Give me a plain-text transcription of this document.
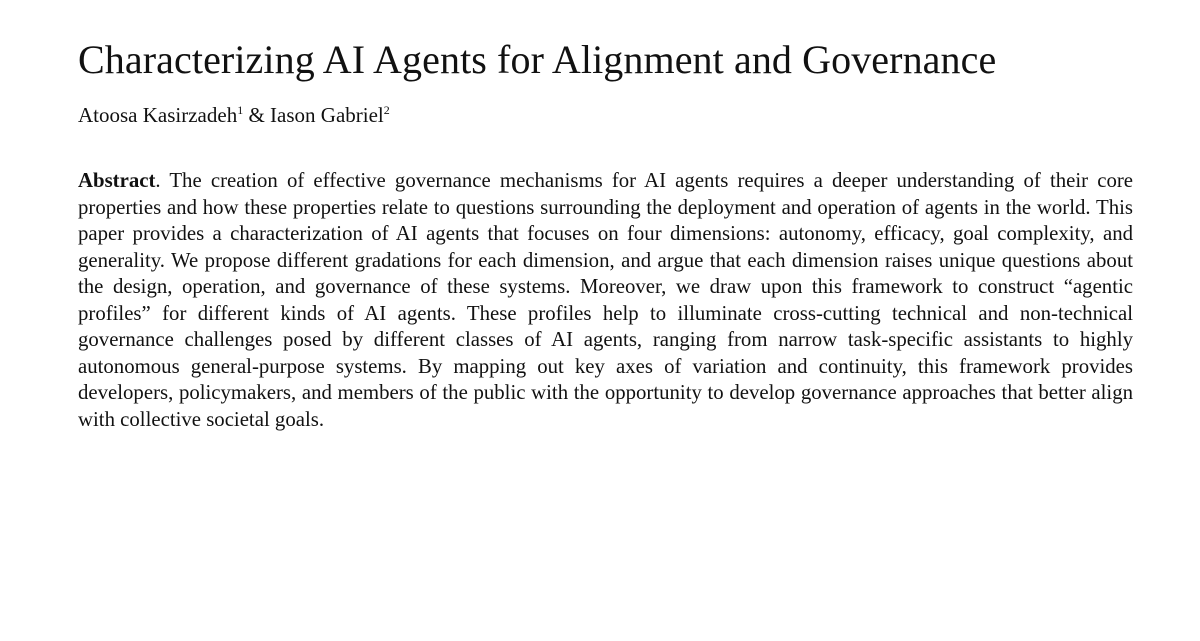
Characterizing AI Agents for Alignment and Governance
Atoosa Kasirzadeh$^1$ & Iason Gabriel$^2$

Abstract. The creation of effective governance mechanisms for AI agents requires a deeper understanding of their core properties and how these properties relate to questions surrounding the deployment and operation of agents in the world. This paper provides a characterization of AI agents that focuses on four dimensions: autonomy, efficacy, goal complexity, and generality. We propose different gradations for each dimension, and argue that each dimension raises unique questions about the design, operation, and governance of these systems. Moreover, we draw upon this framework to construct “agentic profiles” for different kinds of AI agents. These profiles help to illuminate cross-cutting technical and non-technical governance challenges posed by different classes of AI agents, ranging from narrow task-specific assistants to highly autonomous general-purpose systems. By mapping out key axes of variation and continuity, this framework provides developers, policymakers, and members of the public with the opportunity to develop governance approaches that better align with collective societal goals.
